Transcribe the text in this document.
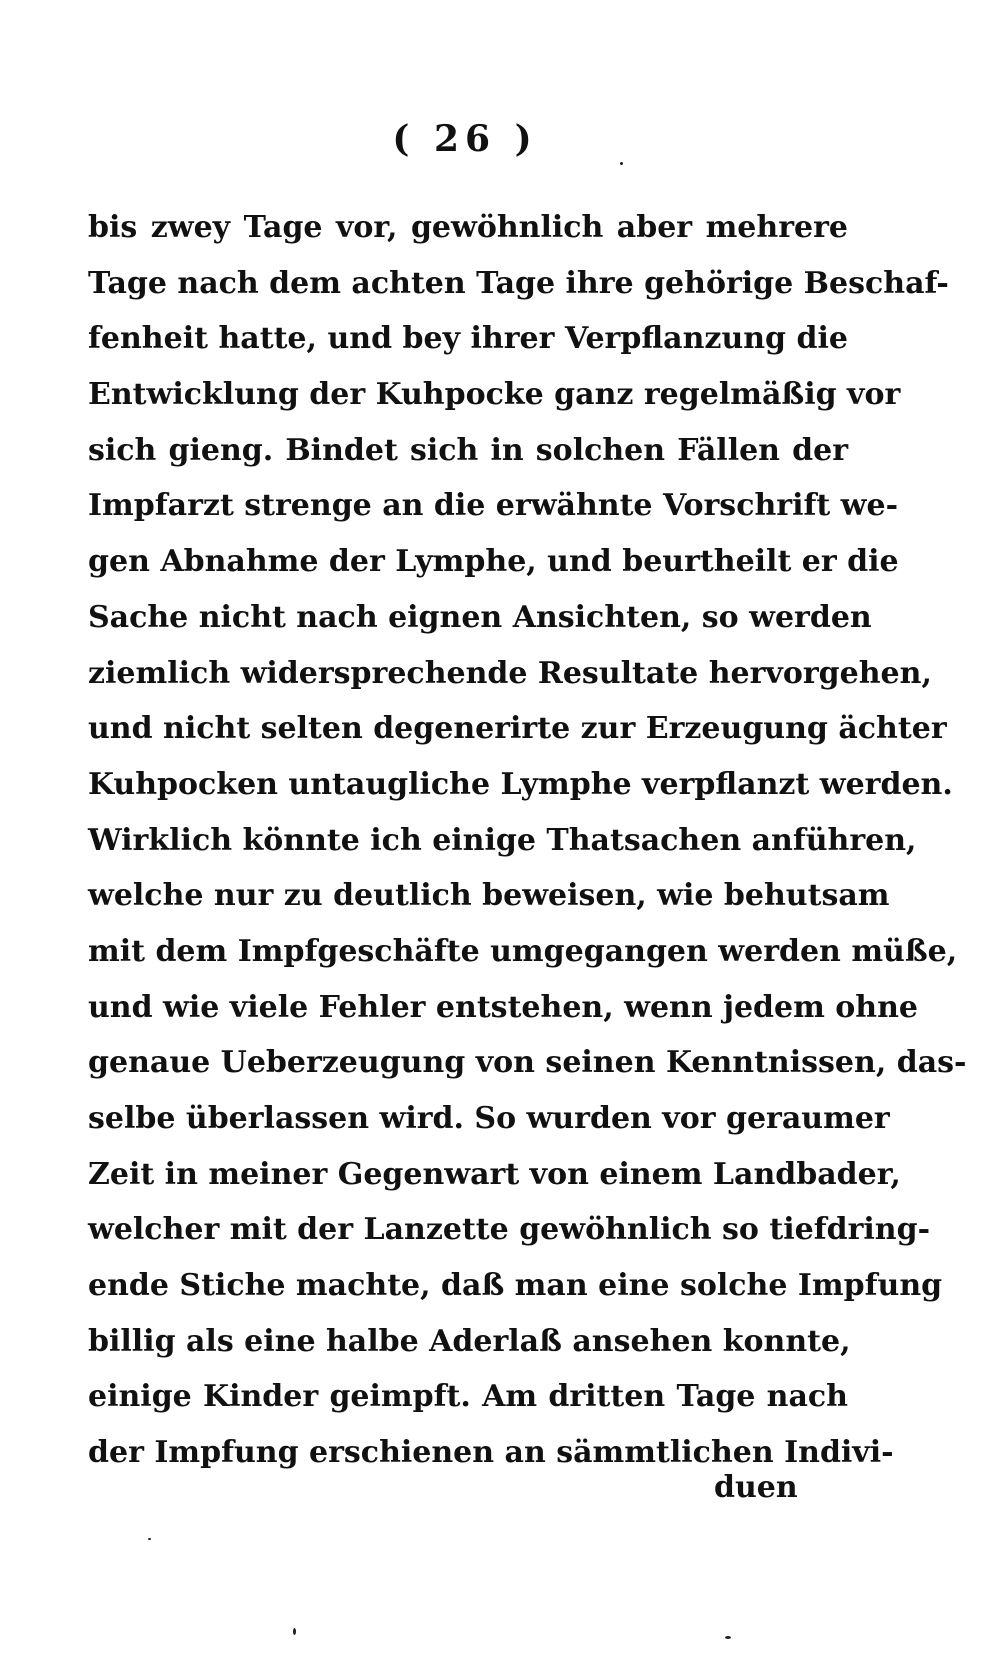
( 26 )
bis zwey Tage vor, gewöhnlich aber mehrere
Tage nach dem achten Tage ihre gehörige Beschaf-
fenheit hatte, und bey ihrer Verpflanzung die
Entwicklung der Kuhpocke ganz regelmäßig vor
sich gieng. Bindet sich in solchen Fällen der
Impfarzt strenge an die erwähnte Vorschrift we-
gen Abnahme der Lymphe, und beurtheilt er die
Sache nicht nach eignen Ansichten, so werden
ziemlich widersprechende Resultate hervorgehen,
und nicht selten degenerirte zur Erzeugung ächter
Kuhpocken untaugliche Lymphe verpflanzt werden.
Wirklich könnte ich einige Thatsachen anführen,
welche nur zu deutlich beweisen, wie behutsam
mit dem Impfgeschäfte umgegangen werden müße,
und wie viele Fehler entstehen, wenn jedem ohne
genaue Ueberzeugung von seinen Kenntnissen, das-
selbe überlassen wird. So wurden vor geraumer
Zeit in meiner Gegenwart von einem Landbader,
welcher mit der Lanzette gewöhnlich so tiefdring-
ende Stiche machte, daß man eine solche Impfung
billig als eine halbe Aderlaß ansehen konnte,
einige Kinder geimpft. Am dritten Tage nach
der Impfung erschienen an sämmtlichen Indivi-
duen
